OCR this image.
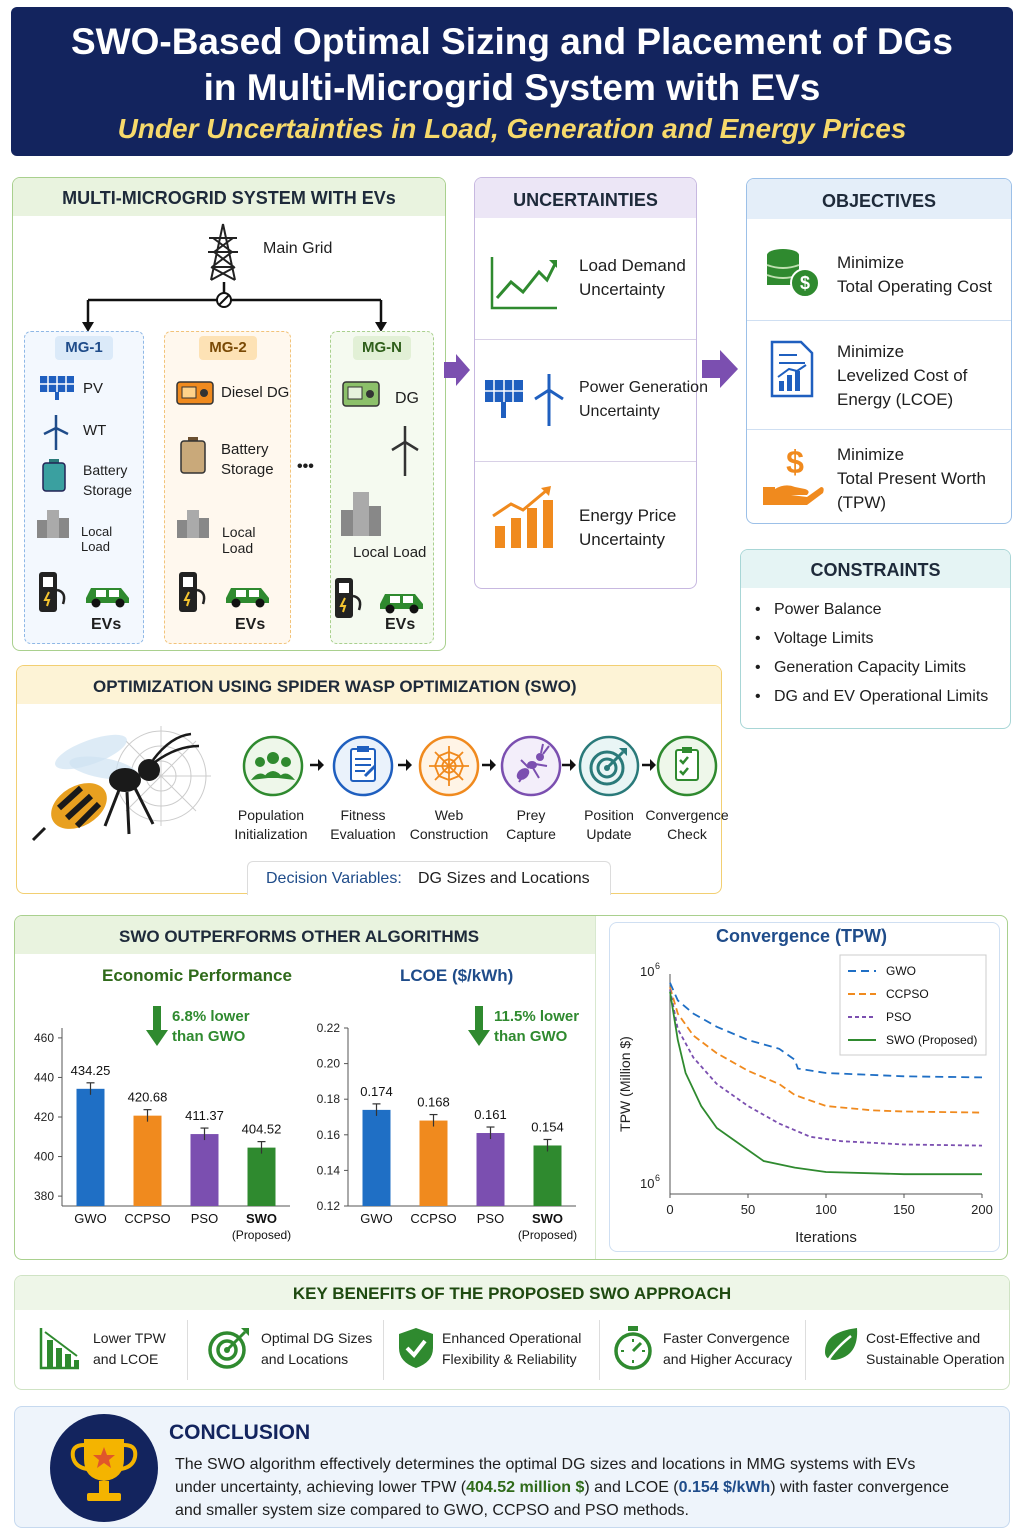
SWO-Based Optimal Sizing and Placement of DGs
in Multi-Microgrid System with EVs
Under Uncertainties in Load, Generation and Energy Prices
MULTI-MICROGRID SYSTEM WITH EVs
Main Grid
MG-1
PV
WT
Battery
Storage
Local Load
EVs
MG-2
Diesel DG
Battery
Storage
Local Load
EVs
•••
MG-N
DG
Local Load
EVs
UNCERTAINTIES
Load Demand
Uncertainty
Power Generation
Uncertainty
Energy Price
Uncertainty
OBJECTIVES
$
Minimize
Total Operating Cost
Minimize
Levelized Cost of
Energy (LCOE)
$ Minimize
Total Present Worth
(TPW)
CONSTRAINTS
•   Power Balance
•   Voltage Limits
•   Generation Capacity Limits
•   DG and EV Operational Limits
OPTIMIZATION USING SPIDER WASP OPTIMIZATION (SWO)
Population
Initialization
Fitness
Evaluation
Web
Construction
Prey
Capture
Position
Update
Convergence
Check
Decision Variables: DG Sizes and Locations
SWO OUTPERFORMS OTHER ALGORITHMS
Economic Performance	LCOE ($/kWh)
6.8% lower
than GWO
11.5% lower
than GWO
380
400
420
440
460
434.25
GWO
420.68
CCPSO
411.37
PSO
404.52
SWO
(Proposed)
0.12
0.14
0.16
0.18
0.20
0.22
0.174
GWO
0.168
CCPSO
0.161
PSO
0.154
SWO
(Proposed)
Convergence (TPW)
10 6
10 6
0	50	100	150	200
Iterations
TPW (Million $)
GWO
CCPSO
PSO
SWO (Proposed)
KEY BENEFITS OF THE PROPOSED SWO APPROACH
Lower TPW
and LCOE
Optimal DG Sizes
and Locations
Enhanced Operational
Flexibility & Reliability
Faster Convergence
and Higher Accuracy
Cost-Effective and
Sustainable Operation
CONCLUSION
The SWO algorithm effectively determines the optimal DG sizes and locations in MMG systems with EVs under uncertainty, achieving lower TPW (404.52 million $) and LCOE (0.154 $/kWh) with faster convergence and smaller system size compared to GWO, CCPSO and PSO methods.
